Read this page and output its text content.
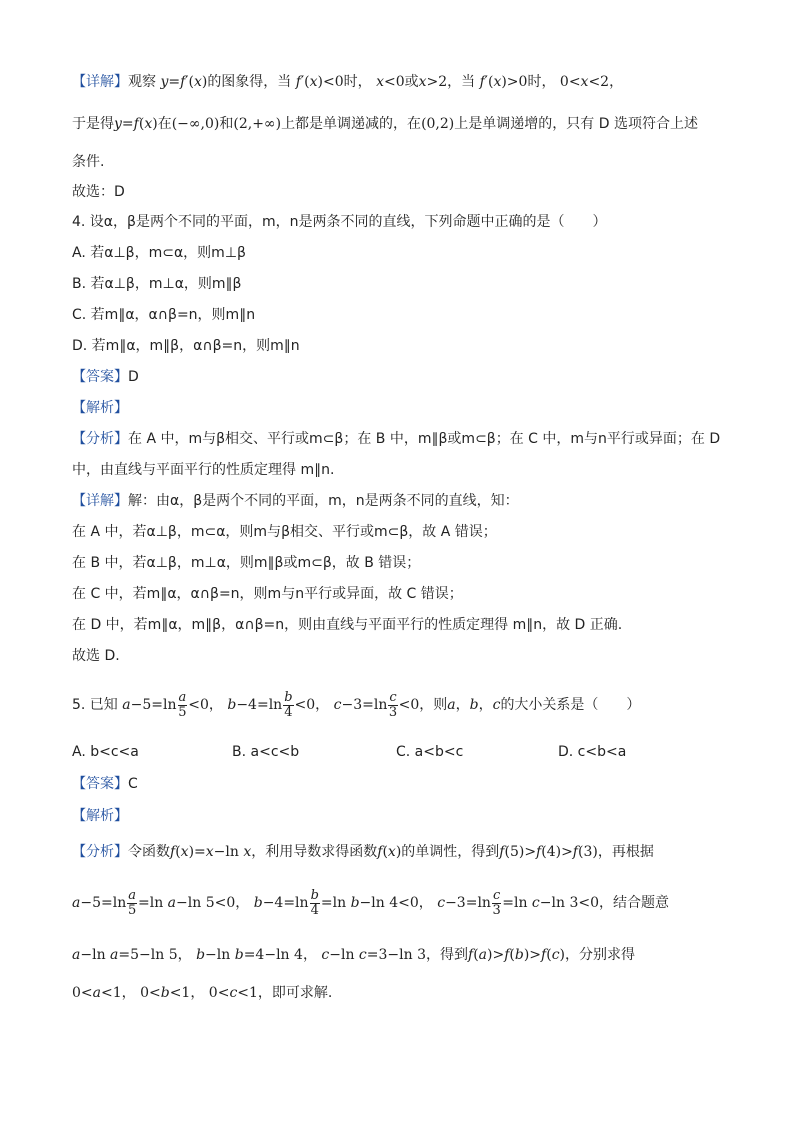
【详解】观察 y=f′(x)的图象得，当 f′(x)<0时， x<0或x>2，当 f′(x)>0时， 0<x<2，
于是得y=f(x)在(−∞,0)和(2,+∞)上都是单调递减的，在(0,2)上是单调递增的，只有 D 选项符合上述
条件.
故选：D
4. 设α，β是两个不同的平面，m，n是两条不同的直线，下列命题中正确的是（　　）
A. 若α⊥β，m⊂α，则m⊥β
B. 若α⊥β，m⊥α，则m∥β
C. 若m∥α，α∩β=n，则m∥n
D. 若m∥α，m∥β，α∩β=n，则m∥n
【答案】D
【解析】
【分析】在 A 中，m与β相交、平行或m⊂β；在 B 中，m∥β或m⊂β；在 C 中，m与n平行或异面；在 D
中，由直线与平面平行的性质定理得 m∥n.
【详解】解：由α，β是两个不同的平面，m，n是两条不同的直线，知：
在 A 中，若α⊥β，m⊂α，则m与β相交、平行或m⊂β，故 A 错误；
在 B 中，若α⊥β，m⊥α，则m∥β或m⊂β，故 B 错误；
在 C 中，若m∥α，α∩β=n，则m与n平行或异面，故 C 错误；
在 D 中，若m∥α，m∥β，α∩β=n，则由直线与平面平行的性质定理得 m∥n，故 D 正确.
故选 D.
5. 已知 $a-5=\ln \frac{a}{5} <0$， $b-4=\ln \frac{b}{4} <0$， $c-3=\ln \frac{c}{3} <0$，则a，b，c的大小关系是（　　）
A. b<c<a	B. a<c<b	C. a<b<c	D. c<b<a
【答案】C
【解析】
【分析】令函数f(x)=x−ln x，利用导数求得函数f(x)的单调性，得到f(5)>f(4)>f(3)，再根据
$a-5=\ln \frac{a}{5} =\ln$ a−ln 5<0， $b-4=\ln \frac{b}{4} =\ln$ b−ln 4<0， $c-3=\ln \frac{c}{3} =\ln$ c−ln 3<0，结合题意
a−ln a=5−ln 5， b−ln b=4−ln 4， c−ln c=3−ln 3，得到f(a)>f(b)>f(c)，分别求得
0<a<1， 0<b<1， 0<c<1，即可求解.
